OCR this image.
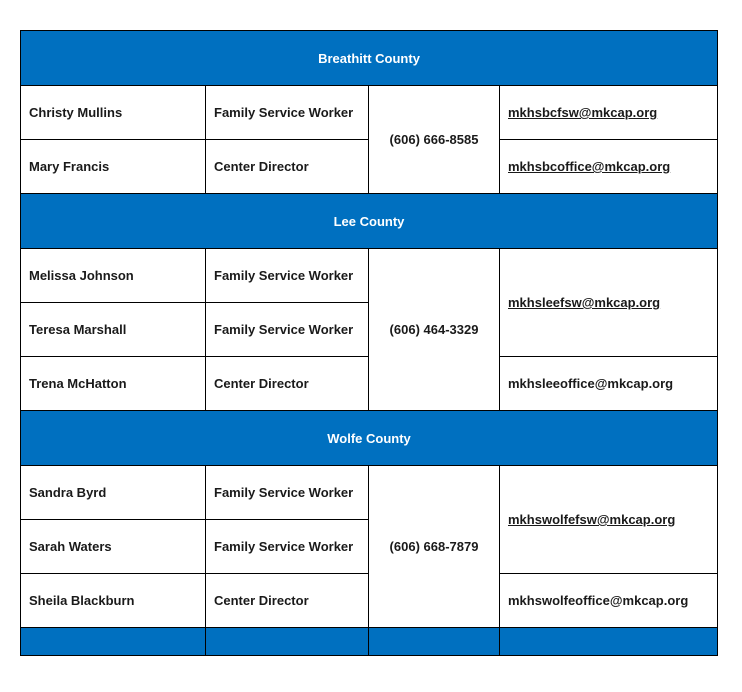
Breathitt County			
Christy Mullins	Family Service Worker	(606) 666-8585	mkhsbcfsw@mkcap.org
Mary Francis	Center Director		mkhsbcoffice@mkcap.org
Lee County			
Melissa Johnson	Family Service Worker	(606) 464-3329	mkhsleefsw@mkcap.org
Teresa Marshall	Family Service Worker		
Trena McHatton	Center Director		mkhsleeoffice@mkcap.org
Wolfe County			
Sandra Byrd	Family Service Worker	(606) 668-7879	mkhswolfefsw@mkcap.org
Sarah Waters	Family Service Worker		
Sheila Blackburn	Center Director		mkhswolfeoffice@mkcap.org
